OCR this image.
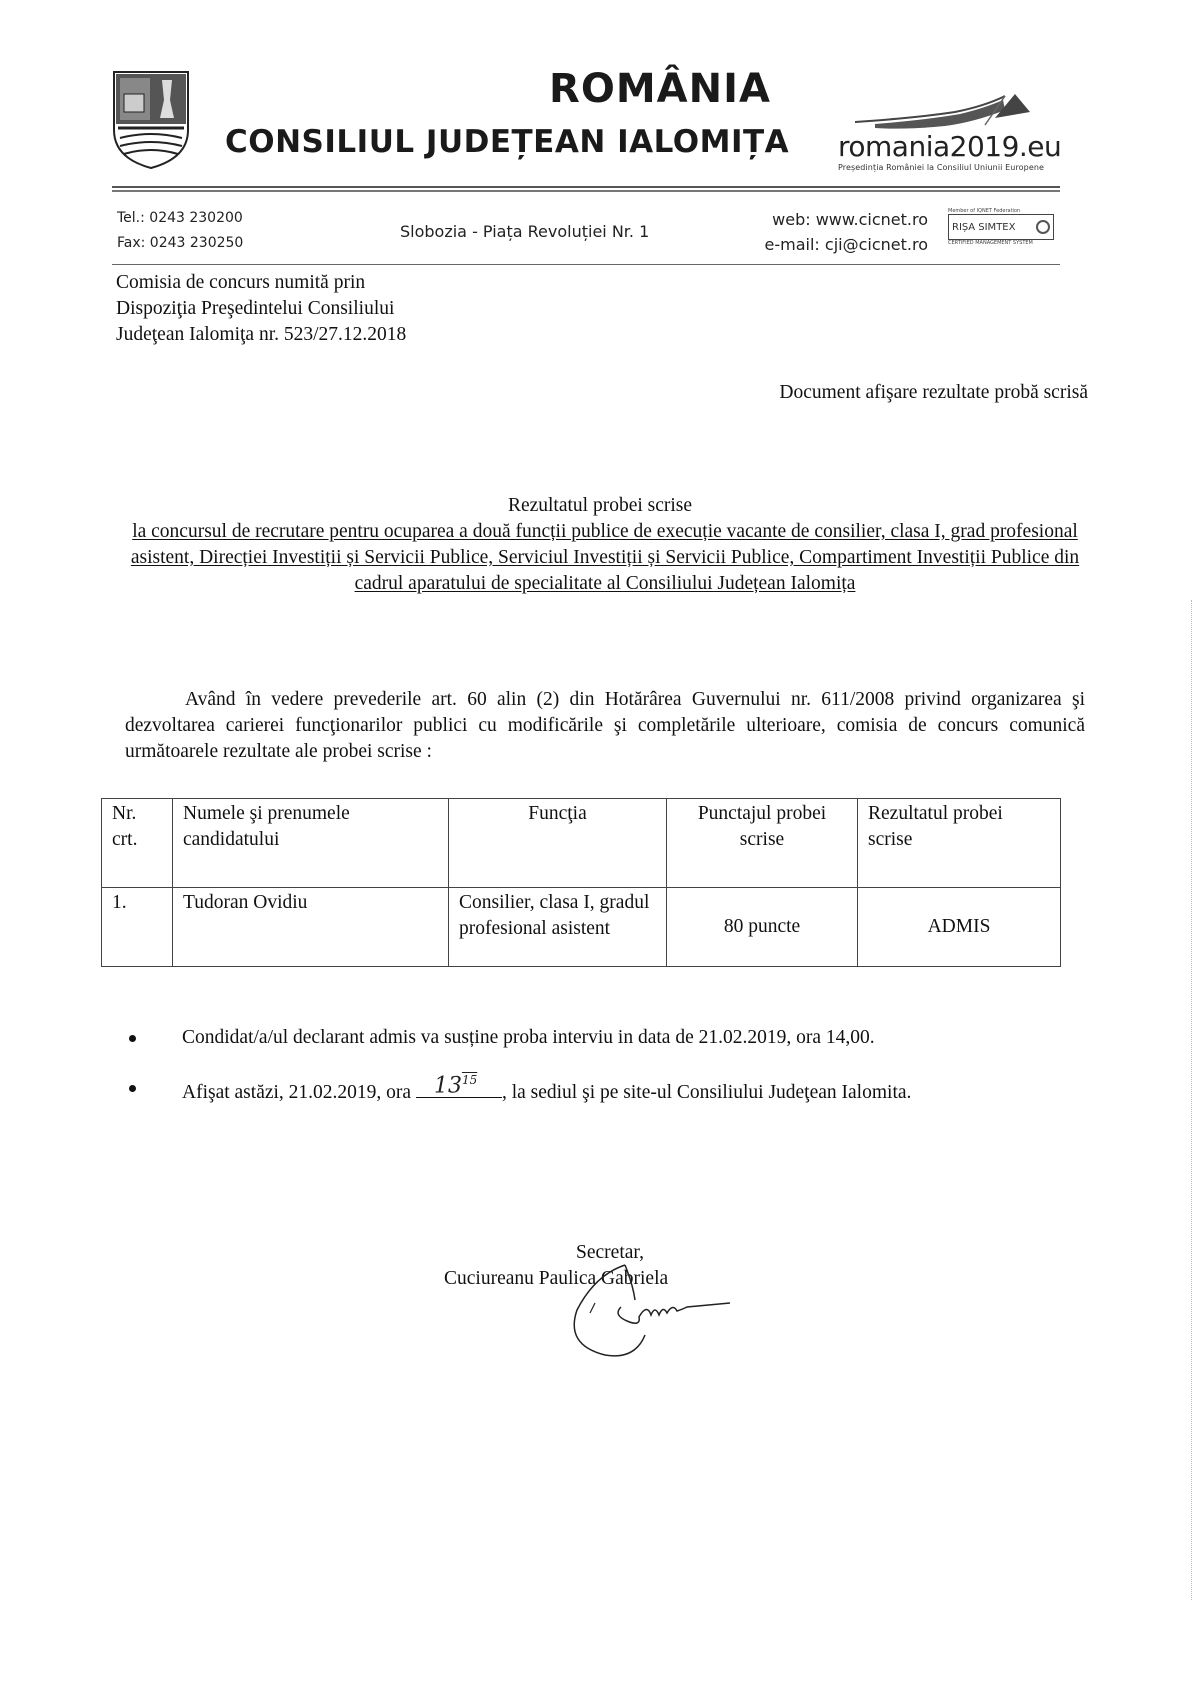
ROMÂNIA
CONSILIUL JUDEȚEAN IALOMIȚA romania2019.eu
Președinția României la Consiliul Uniunii Europene
Tel.: 0243 230200
Fax: 0243 230250
Slobozia - Piața Revoluției Nr. 1
web: www.cicnet.ro
e-mail: cji@cicnet.ro
Member of IQNET Federation
RIȘA SIMTEX
CERTIFIED MANAGEMENT SYSTEM
Comisia de concurs numită prin
Dispoziţia Preşedintelui Consiliului
Judeţean Ialomiţa nr. 523/27.12.2018
Document afişare rezultate probă scrisă
Rezultatul probei scrise
la concursul de recrutare pentru ocuparea a două funcții publice de execuție vacante de consilier, clasa I, grad profesional asistent, Direcției Investiții și Servicii Publice, Serviciul Investiții și Servicii Publice, Compartiment Investiții Publice din cadrul aparatului de specialitate al Consiliului Județean Ialomița
Având în vedere prevederile art. 60 alin (2) din Hotărârea Guvernului nr. 611/2008 privind organizarea şi dezvoltarea carierei funcţionarilor publici cu modificările şi completările ulterioare, comisia de concurs comunică următoarele rezultate ale probei scrise :
Nr. crt.	Numele şi prenumele candidatului	Funcţia	Punctajul probei scrise	Rezultatul probei scrise
1.	Tudoran Ovidiu	Consilier, clasa I, gradul profesional asistent	80 puncte	ADMIS
Condidat/a/ul declarant admis va susține proba interviu in data de 21.02.2019, ora 14,00.
Afişat astăzi, 21.02.2019, ora $13^{15}$
, la sediul şi pe site-ul Consiliului Judeţean Ialomita.
Secretar,
Cuciureanu Paulica Gabriela
